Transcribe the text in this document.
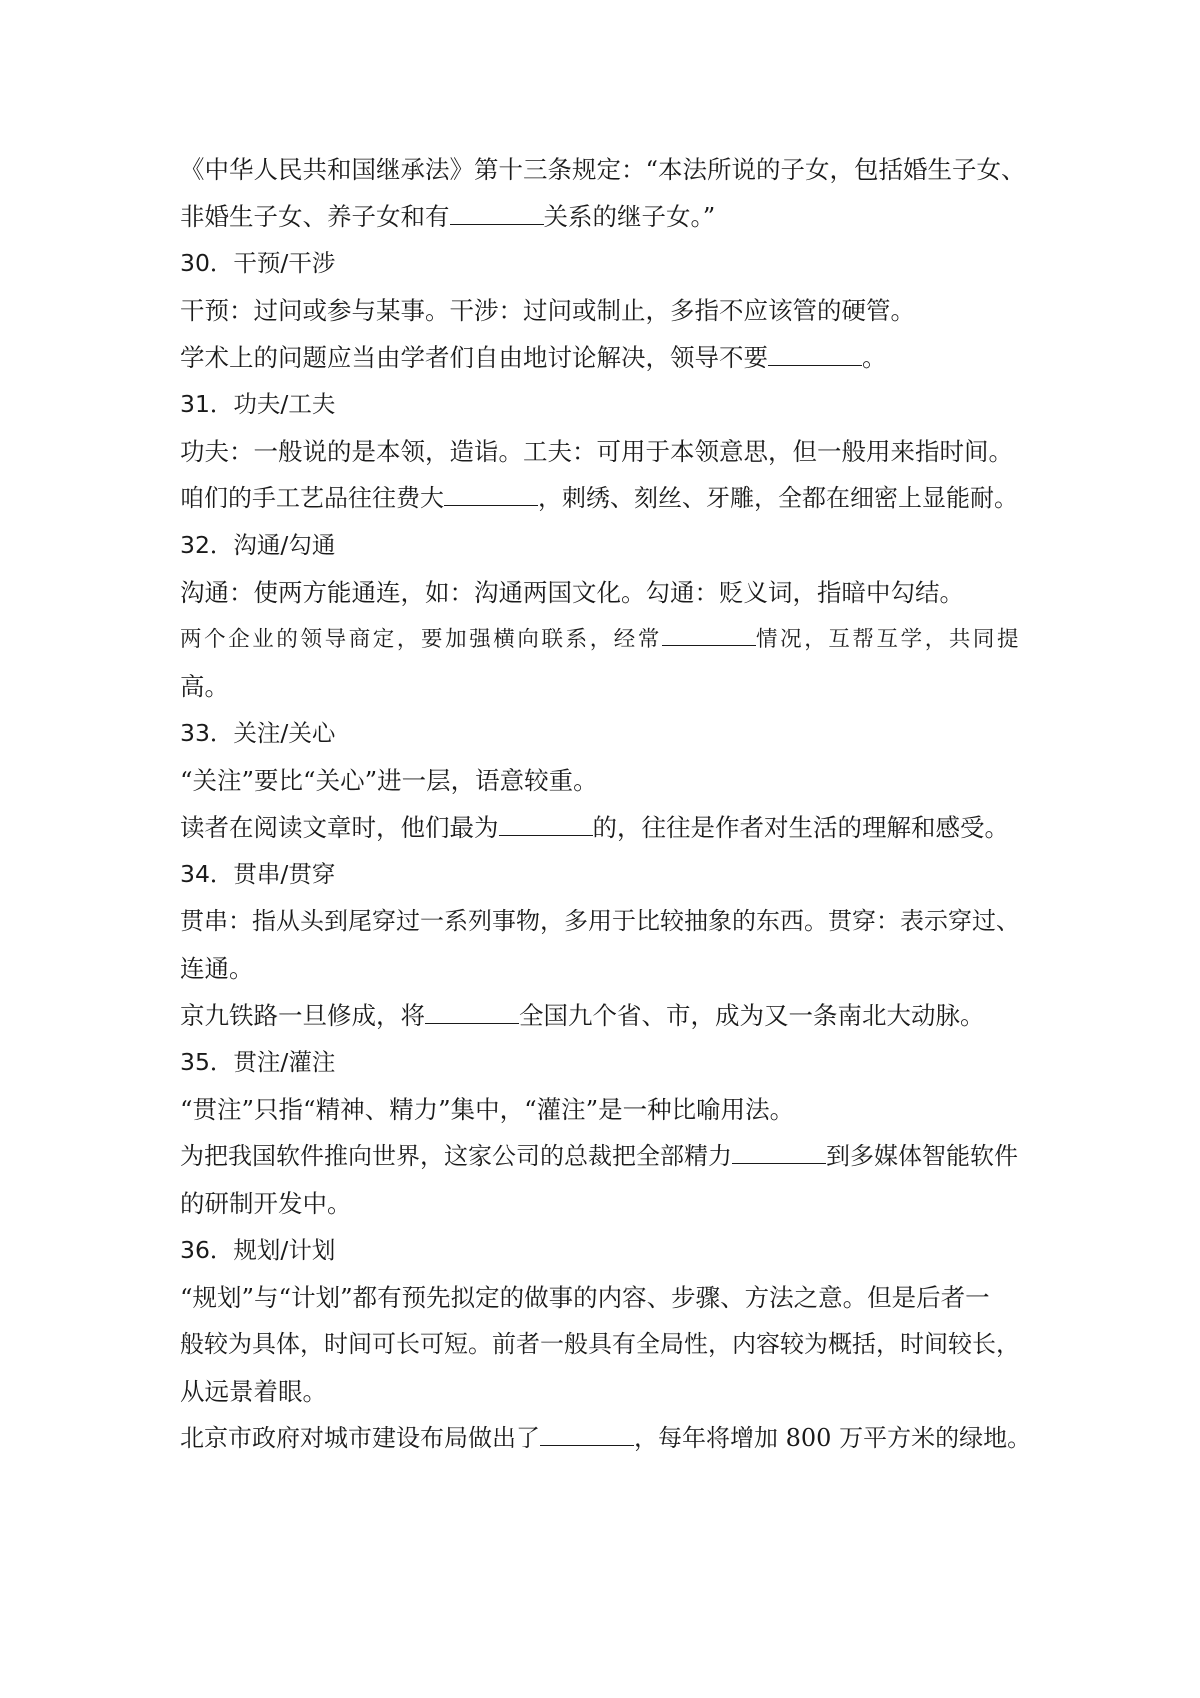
《中华人民共和国继承法》第十三条规定：“本法所说的子女，包括婚生子女、
非婚生子女、养子女和有	关系的继子女。”
30．干预/干涉
干预：过问或参与某事。干涉：过问或制止，多指不应该管的硬管。
学术上的问题应当由学者们自由地讨论解决，领导不要	。
31．功夫/工夫
功夫：一般说的是本领，造诣。工夫：可用于本领意思，但一般用来指时间。
咱们的手工艺品往往费大	，刺绣、刻丝、牙雕，全都在细密上显能耐。
32．沟通/勾通
沟通：使两方能通连，如：沟通两国文化。勾通：贬义词，指暗中勾结。
两个企业的领导商定，要加强横向联系，经常	情况，互帮互学，共同提
高。
33．关注/关心
“关注”要比“关心”进一层，语意较重。
读者在阅读文章时，他们最为	的，往往是作者对生活的理解和感受。
34．贯串/贯穿
贯串：指从头到尾穿过一系列事物，多用于比较抽象的东西。贯穿：表示穿过、
连通。
京九铁路一旦修成，将	全国九个省、市，成为又一条南北大动脉。
35．贯注/灌注
“贯注”只指“精神、精力”集中，“灌注”是一种比喻用法。
为把我国软件推向世界，这家公司的总裁把全部精力	到多媒体智能软件
的研制开发中。
36．规划/计划
“规划”与“计划”都有预先拟定的做事的内容、步骤、方法之意。但是后者一
般较为具体，时间可长可短。前者一般具有全局性，内容较为概括，时间较长，
从远景着眼。
北京市政府对城市建设布局做出了	，每年将增加 800 万平方米的绿地。
